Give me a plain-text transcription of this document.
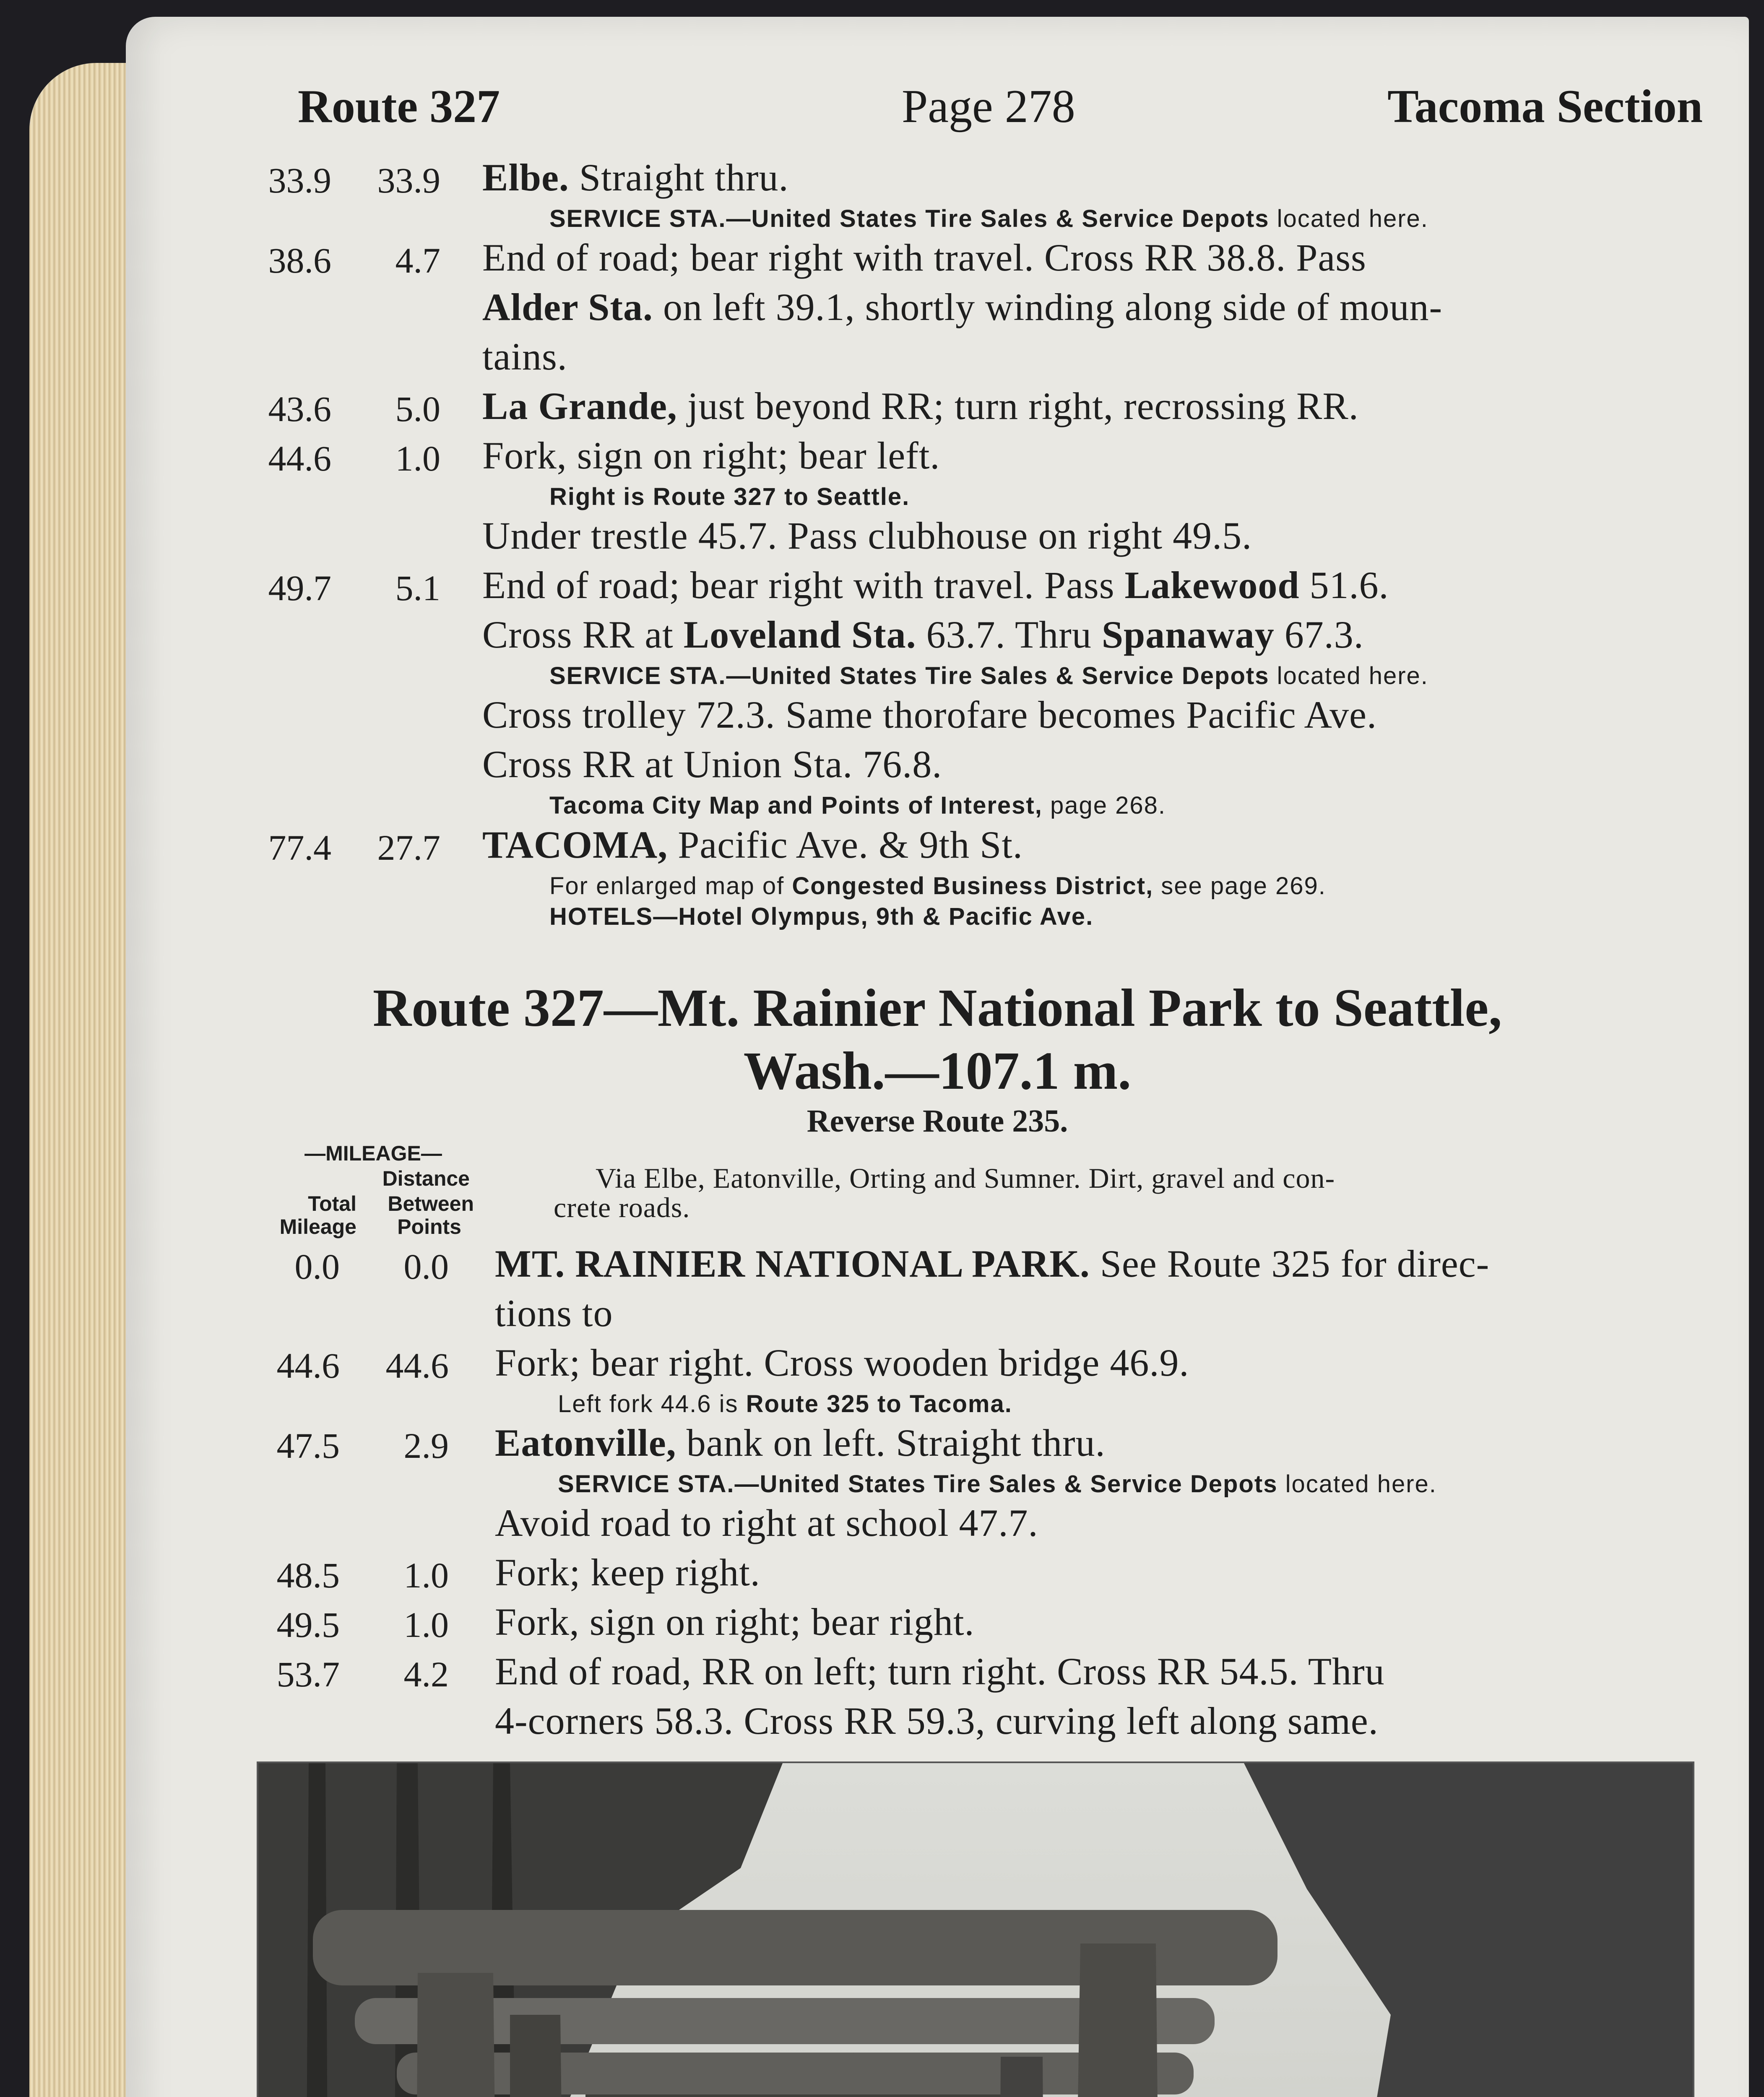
Route 327	Page 278	Tacoma Section
33.9	33.9 Elbe. Straight thru.
SERVICE STA.—United States Tire Sales & Service Depots located here.
38.6	4.7 End of road; bear right with travel. Cross RR 38.8. Pass
Alder Sta. on left 39.1, shortly winding along side of moun-
tains.
43.6	5.0 La Grande, just beyond RR; turn right, recrossing RR.
44.6	1.0 Fork, sign on right; bear left.
Right is Route 327 to Seattle.
Under trestle 45.7. Pass clubhouse on right 49.5.
49.7	5.1 End of road; bear right with travel. Pass Lakewood 51.6.
Cross RR at Loveland Sta. 63.7. Thru Spanaway 67.3.
SERVICE STA.—United States Tire Sales & Service Depots located here.
Cross trolley 72.3. Same thorofare becomes Pacific Ave.
Cross RR at Union Sta. 76.8.
Tacoma City Map and Points of Interest, page 268.
77.4	27.7 TACOMA, Pacific Ave. & 9th St.
For enlarged map of Congested Business District, see page 269.
HOTELS—Hotel Olympus, 9th & Pacific Ave.
Route 327—Mt. Rainier National Park to Seattle,
Wash.—107.1 m.
Reverse Route 235.
—MILEAGE—
Distance
Total	Between
Mileage	Points
Via Elbe, Eatonville, Orting and Sumner. Dirt, gravel and con-
crete roads.
0.0	0.0 MT. RAINIER NATIONAL PARK. See Route 325 for direc-
tions to
44.6	44.6 Fork; bear right. Cross wooden bridge 46.9.
Left fork 44.6 is Route 325 to Tacoma.
47.5	2.9 Eatonville, bank on left. Straight thru.
SERVICE STA.—United States Tire Sales & Service Depots located here.
Avoid road to right at school 47.7.
48.5	1.0 Fork; keep right.
49.5	1.0 Fork, sign on right; bear right.
53.7	4.2 End of road, RR on left; turn right. Cross RR 54.5. Thru
4-corners 58.3. Cross RR 59.3, curving left along same.
